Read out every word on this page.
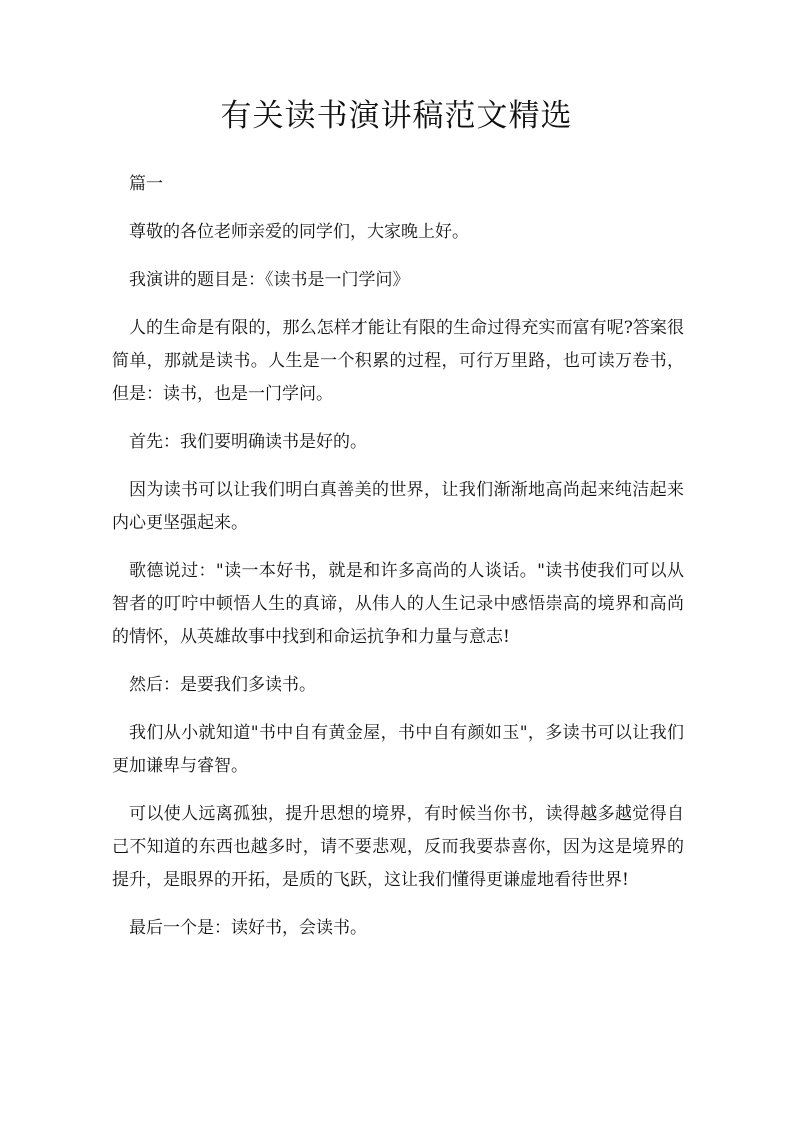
有关读书演讲稿范文精选

篇一

尊敬的各位老师亲爱的同学们，大家晚上好。

我演讲的题目是：《读书是一门学问》

人的生命是有限的，那么怎样才能让有限的生命过得充实而富有呢?答案很简单，那就是读书。人生是一个积累的过程，可行万里路，也可读万卷书，但是：读书，也是一门学问。

首先：我们要明确读书是好的。

因为读书可以让我们明白真善美的世界，让我们渐渐地高尚起来纯洁起来内心更坚强起来。

歌德说过："读一本好书，就是和许多高尚的人谈话。"读书使我们可以从智者的叮咛中顿悟人生的真谛，从伟人的人生记录中感悟崇高的境界和高尚的情怀，从英雄故事中找到和命运抗争和力量与意志!

然后：是要我们多读书。

我们从小就知道"书中自有黄金屋，书中自有颜如玉"，多读书可以让我们更加谦卑与睿智。

可以使人远离孤独，提升思想的境界，有时候当你书，读得越多越觉得自己不知道的东西也越多时，请不要悲观，反而我要恭喜你，因为这是境界的提升，是眼界的开拓，是质的飞跃，这让我们懂得更谦虚地看待世界!

最后一个是：读好书，会读书。
